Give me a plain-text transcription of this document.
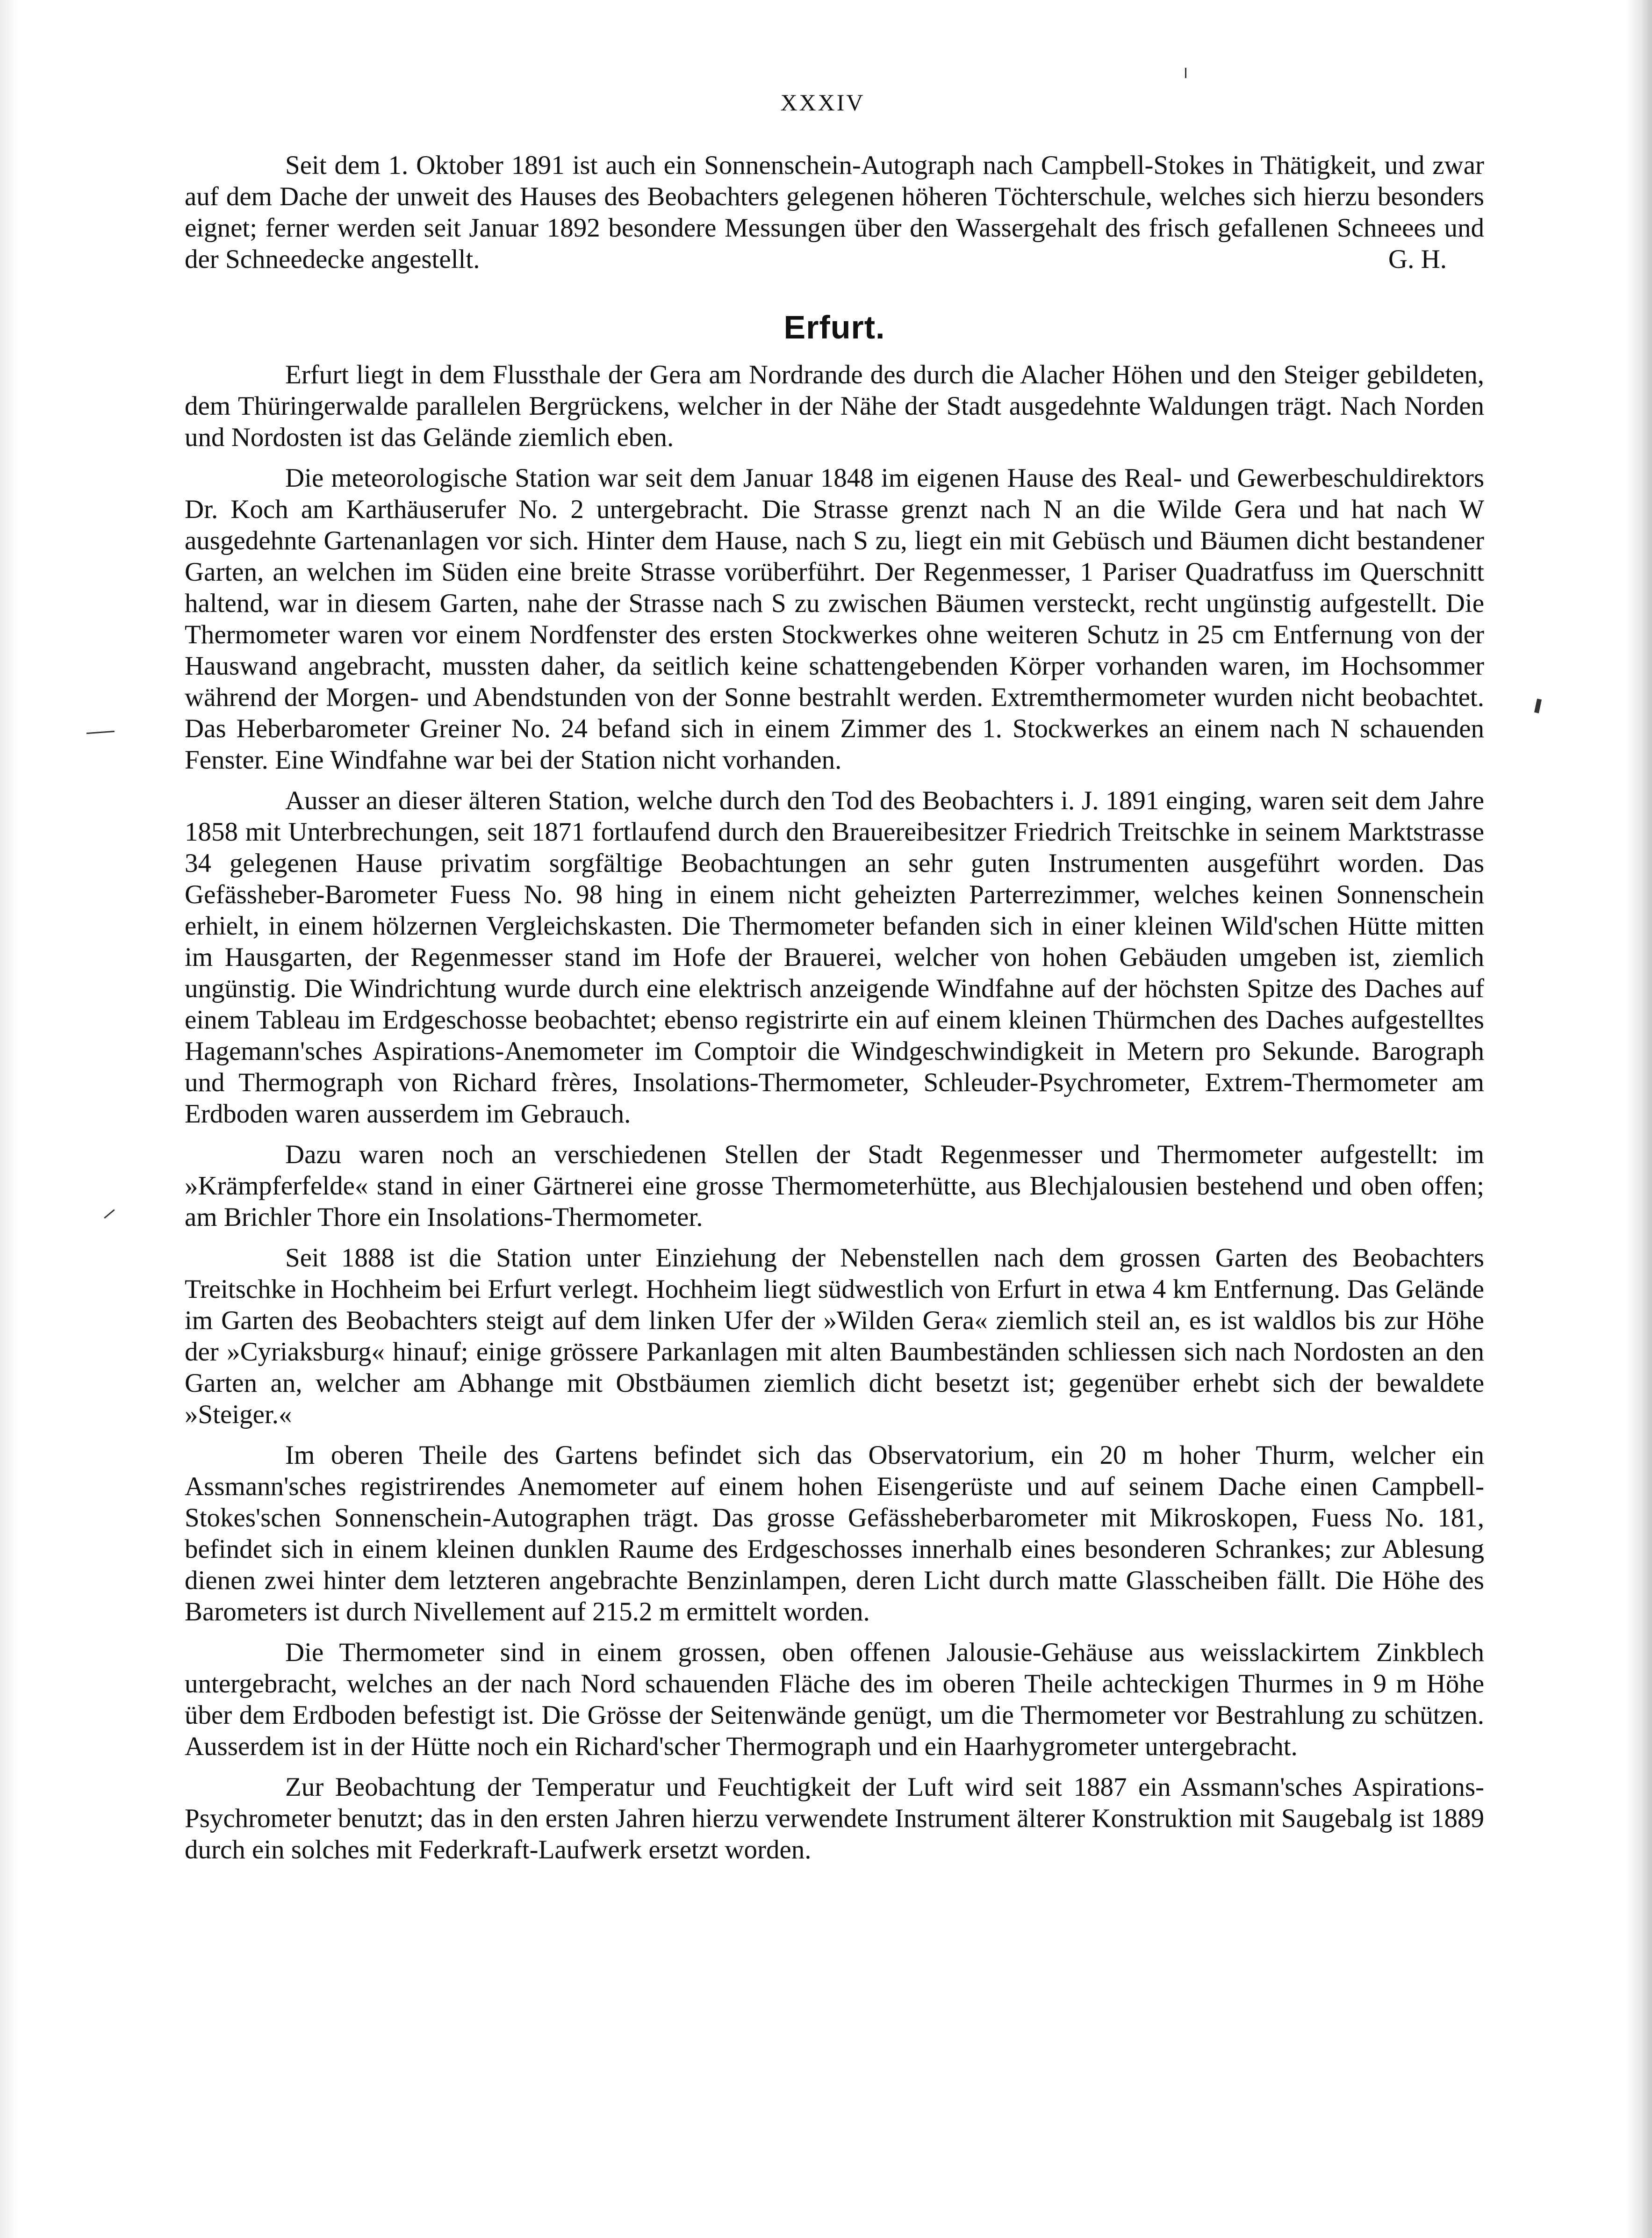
XXXIV

Seit dem 1. Oktober 1891 ist auch ein Sonnenschein-Autograph nach Campbell-Stokes in Thätigkeit, und zwar auf dem Dache der unweit des Hauses des Beobachters gelegenen höheren Töchterschule, welches sich hierzu besonders eignet; ferner werden seit Januar 1892 besondere Messungen über den Wassergehalt des frisch gefallenen Schneees und der Schneedecke angestellt.	G. H.

Erfurt.

Erfurt liegt in dem Flussthale der Gera am Nordrande des durch die Alacher Höhen und den Steiger gebildeten, dem Thüringerwalde parallelen Bergrückens, welcher in der Nähe der Stadt ausgedehnte Waldungen trägt. Nach Norden und Nordosten ist das Gelände ziemlich eben.

Die meteorologische Station war seit dem Januar 1848 im eigenen Hause des Real- und Gewerbeschuldirektors Dr. Koch am Karthäuserufer No. 2 untergebracht. Die Strasse grenzt nach N an die Wilde Gera und hat nach W ausgedehnte Gartenanlagen vor sich. Hinter dem Hause, nach S zu, liegt ein mit Gebüsch und Bäumen dicht bestandener Garten, an welchen im Süden eine breite Strasse vorüberführt. Der Regenmesser, 1 Pariser Quadratfuss im Querschnitt haltend, war in diesem Garten, nahe der Strasse nach S zu zwischen Bäumen versteckt, recht ungünstig aufgestellt. Die Thermometer waren vor einem Nordfenster des ersten Stockwerkes ohne weiteren Schutz in 25 cm Entfernung von der Hauswand angebracht, mussten daher, da seitlich keine schattengebenden Körper vorhanden waren, im Hochsommer während der Morgen- und Abendstunden von der Sonne bestrahlt werden. Extremthermometer wurden nicht beobachtet. Das Heberbarometer Greiner No. 24 befand sich in einem Zimmer des 1. Stockwerkes an einem nach N schauenden Fenster. Eine Windfahne war bei der Station nicht vorhanden.

Ausser an dieser älteren Station, welche durch den Tod des Beobachters i. J. 1891 einging, waren seit dem Jahre 1858 mit Unterbrechungen, seit 1871 fortlaufend durch den Brauereibesitzer Friedrich Treitschke in seinem Marktstrasse 34 gelegenen Hause privatim sorgfältige Beobachtungen an sehr guten Instrumenten ausgeführt worden. Das Gefässheber-Barometer Fuess No. 98 hing in einem nicht geheizten Parterrezimmer, welches keinen Sonnenschein erhielt, in einem hölzernen Vergleichskasten. Die Thermometer befanden sich in einer kleinen Wild'schen Hütte mitten im Hausgarten, der Regenmesser stand im Hofe der Brauerei, welcher von hohen Gebäuden umgeben ist, ziemlich ungünstig. Die Windrichtung wurde durch eine elektrisch anzeigende Windfahne auf der höchsten Spitze des Daches auf einem Tableau im Erdgeschosse beobachtet; ebenso registrirte ein auf einem kleinen Thürmchen des Daches aufgestelltes Hagemann'sches Aspirations-Anemometer im Comptoir die Windgeschwindigkeit in Metern pro Sekunde. Barograph und Thermograph von Richard frères, Insolations-Thermometer, Schleuder-Psychrometer, Extrem-Thermometer am Erdboden waren ausserdem im Gebrauch.

Dazu waren noch an verschiedenen Stellen der Stadt Regenmesser und Thermometer aufgestellt: im »Krämpferfelde« stand in einer Gärtnerei eine grosse Thermometerhütte, aus Blechjalousien bestehend und oben offen; am Brichler Thore ein Insolations-Thermometer.

Seit 1888 ist die Station unter Einziehung der Nebenstellen nach dem grossen Garten des Beobachters Treitschke in Hochheim bei Erfurt verlegt. Hochheim liegt südwestlich von Erfurt in etwa 4 km Entfernung. Das Gelände im Garten des Beobachters steigt auf dem linken Ufer der »Wilden Gera« ziemlich steil an, es ist waldlos bis zur Höhe der »Cyriaksburg« hinauf; einige grössere Parkanlagen mit alten Baumbeständen schliessen sich nach Nordosten an den Garten an, welcher am Abhange mit Obstbäumen ziemlich dicht besetzt ist; gegenüber erhebt sich der bewaldete »Steiger.«

Im oberen Theile des Gartens befindet sich das Observatorium, ein 20 m hoher Thurm, welcher ein Assmann'sches registrirendes Anemometer auf einem hohen Eisengerüste und auf seinem Dache einen Campbell-Stokes'schen Sonnenschein-Autographen trägt. Das grosse Gefässheberbarometer mit Mikroskopen, Fuess No. 181, befindet sich in einem kleinen dunklen Raume des Erdgeschosses innerhalb eines besonderen Schrankes; zur Ablesung dienen zwei hinter dem letzteren angebrachte Benzinlampen, deren Licht durch matte Glasscheiben fällt. Die Höhe des Barometers ist durch Nivellement auf 215.2 m ermittelt worden.

Die Thermometer sind in einem grossen, oben offenen Jalousie-Gehäuse aus weisslackirtem Zinkblech untergebracht, welches an der nach Nord schauenden Fläche des im oberen Theile achteckigen Thurmes in 9 m Höhe über dem Erdboden befestigt ist. Die Grösse der Seitenwände genügt, um die Thermometer vor Bestrahlung zu schützen. Ausserdem ist in der Hütte noch ein Richard'scher Thermograph und ein Haarhygrometer untergebracht.

Zur Beobachtung der Temperatur und Feuchtigkeit der Luft wird seit 1887 ein Assmann'sches Aspirations-Psychrometer benutzt; das in den ersten Jahren hierzu verwendete Instrument älterer Konstruktion mit Saugebalg ist 1889 durch ein solches mit Federkraft-Laufwerk ersetzt worden.
